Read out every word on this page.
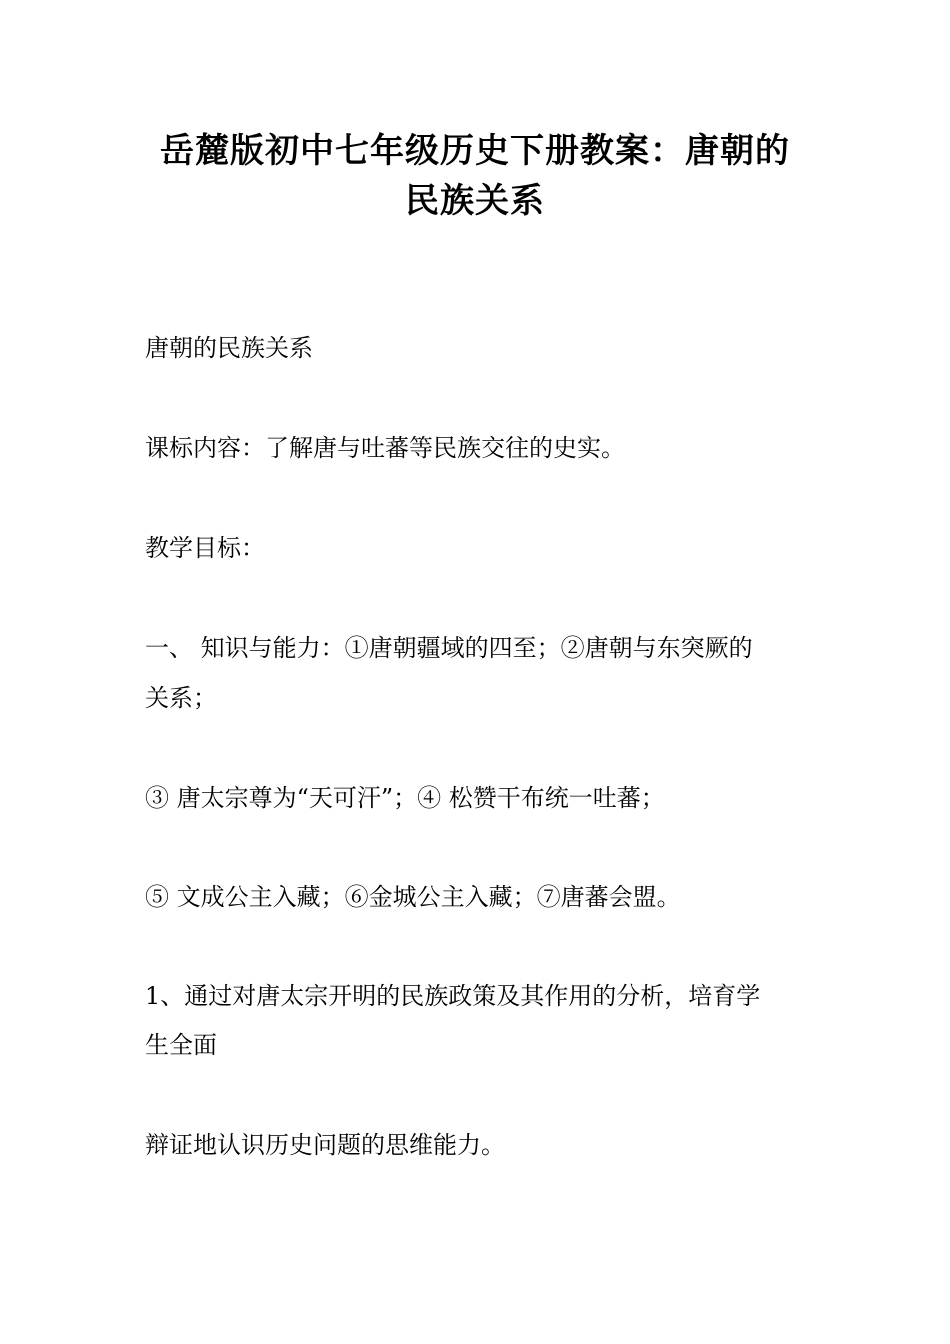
岳麓版初中七年级历史下册教案：唐朝的
民族关系

唐朝的民族关系

课标内容：了解唐与吐蕃等民族交往的史实。

教学目标：

一、 知识与能力：①唐朝疆域的四至；②唐朝与东突厥的

关系；

③ 唐太宗尊为“天可汗”；④ 松赞干布统一吐蕃；

⑤ 文成公主入藏；⑥金城公主入藏；⑦唐蕃会盟。

1、通过对唐太宗开明的民族政策及其作用的分析，培育学

生全面

辩证地认识历史问题的思维能力。
